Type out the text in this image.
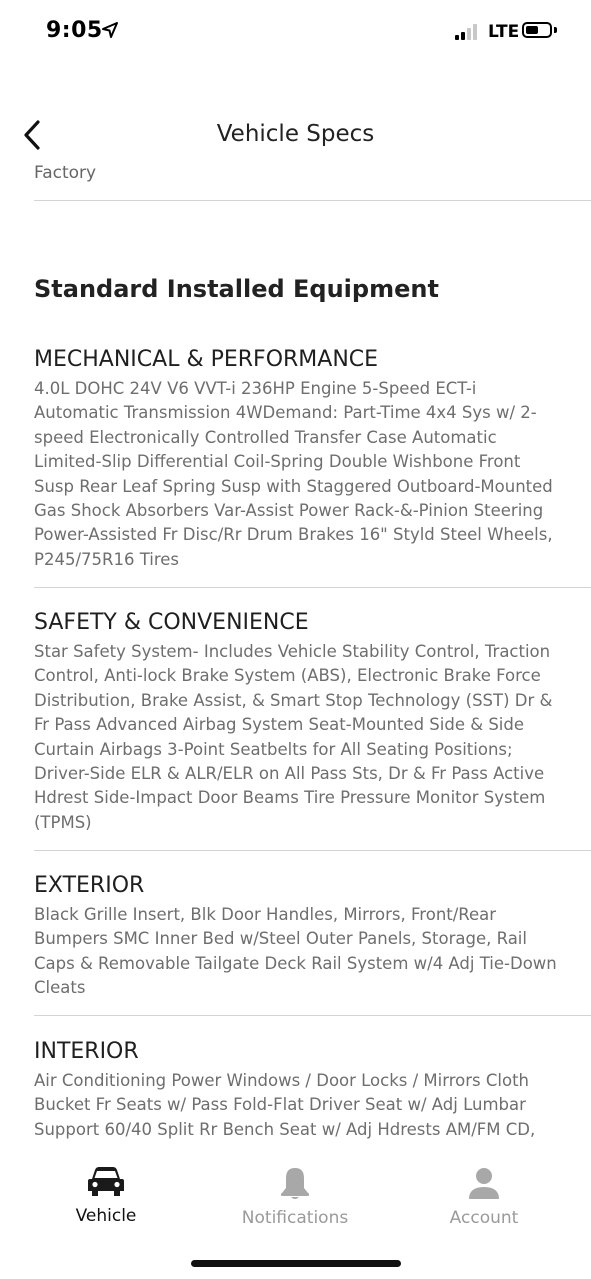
9:05	LTE
Vehicle Specs
Factory
Standard Installed Equipment
MECHANICAL & PERFORMANCE
4.0L DOHC 24V V6 VVT-i 236HP Engine 5-Speed ECT-i
Automatic Transmission 4WDemand: Part-Time 4x4 Sys w/ 2-
speed Electronically Controlled Transfer Case Automatic
Limited-Slip Differential Coil-Spring Double Wishbone Front
Susp Rear Leaf Spring Susp with Staggered Outboard-Mounted
Gas Shock Absorbers Var-Assist Power Rack-&-Pinion Steering
Power-Assisted Fr Disc/Rr Drum Brakes 16" Styld Steel Wheels,
P245/75R16 Tires
SAFETY & CONVENIENCE
Star Safety System- Includes Vehicle Stability Control, Traction
Control, Anti-lock Brake System (ABS), Electronic Brake Force
Distribution, Brake Assist, & Smart Stop Technology (SST) Dr &
Fr Pass Advanced Airbag System Seat-Mounted Side & Side
Curtain Airbags 3-Point Seatbelts for All Seating Positions;
Driver-Side ELR & ALR/ELR on All Pass Sts, Dr & Fr Pass Active
Hdrest Side-Impact Door Beams Tire Pressure Monitor System
(TPMS)
EXTERIOR
Black Grille Insert, Blk Door Handles, Mirrors, Front/Rear
Bumpers SMC Inner Bed w/Steel Outer Panels, Storage, Rail
Caps & Removable Tailgate Deck Rail System w/4 Adj Tie-Down
Cleats
INTERIOR
Air Conditioning Power Windows / Door Locks / Mirrors Cloth
Bucket Fr Seats w/ Pass Fold-Flat Driver Seat w/ Adj Lumbar
Support 60/40 Split Rr Bench Seat w/ Adj Hdrests AM/FM CD,
Vehicle	Notifications	Account
